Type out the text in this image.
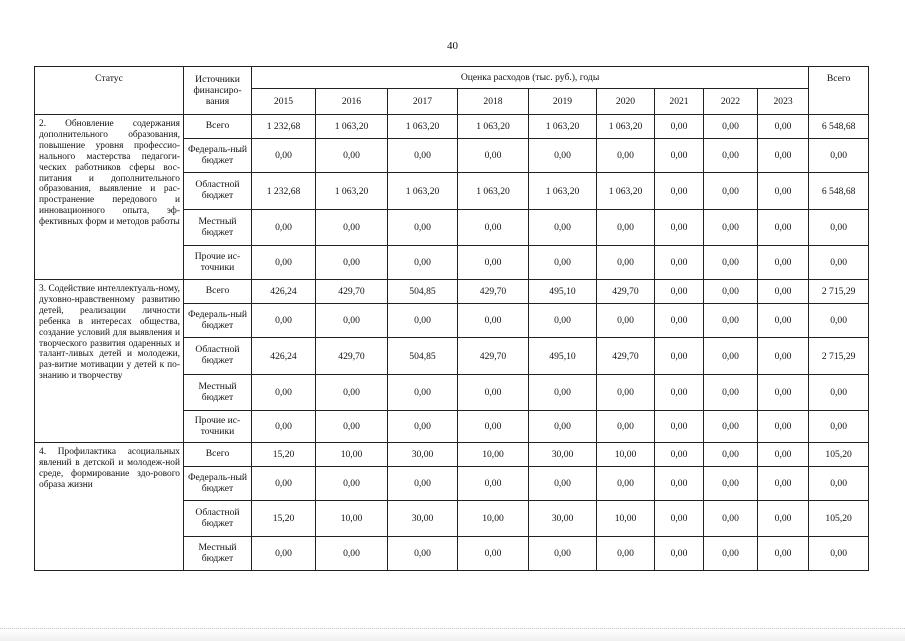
40
Статус	Источники финансиро-вания	Оценка расходов (тыс. руб.), годы									Всего
		2015	2016	2017	2018	2019	2020	2021	2022	2023	
2. Обновление содержания дополнительного образования, повышение уровня профессио-нального мастерства педагоги-ческих работников сферы вос-питания и дополнительного образования, выявление и рас-пространение передового и инновационного опыта, эф-фективных форм и методов работы	Всего	1 232,68	1 063,20	1 063,20	1 063,20	1 063,20	1 063,20	0,00	0,00	0,00	6 548,68
	Федераль-ный бюджет	0,00	0,00	0,00	0,00	0,00	0,00	0,00	0,00	0,00	0,00
	Областной бюджет	1 232,68	1 063,20	1 063,20	1 063,20	1 063,20	1 063,20	0,00	0,00	0,00	6 548,68
	Местный бюджет	0,00	0,00	0,00	0,00	0,00	0,00	0,00	0,00	0,00	0,00
	Прочие ис-точники	0,00	0,00	0,00	0,00	0,00	0,00	0,00	0,00	0,00	0,00
3. Содействие интеллектуаль-ному, духовно-нравственному развитию детей, реализации личности ребенка в интересах общества, создание условий для выявления и творческого развития одаренных и талант-ливых детей и молодежи, раз-витие мотивации у детей к по-знанию и творчеству	Всего	426,24	429,70	504,85	429,70	495,10	429,70	0,00	0,00	0,00	2 715,29
	Федераль-ный бюджет	0,00	0,00	0,00	0,00	0,00	0,00	0,00	0,00	0,00	0,00
	Областной бюджет	426,24	429,70	504,85	429,70	495,10	429,70	0,00	0,00	0,00	2 715,29
	Местный бюджет	0,00	0,00	0,00	0,00	0,00	0,00	0,00	0,00	0,00	0,00
	Прочие ис-точники	0,00	0,00	0,00	0,00	0,00	0,00	0,00	0,00	0,00	0,00
4. Профилактика асоциальных явлений в детской и молодеж-ной среде, формирование здо-рового образа жизни	Всего	15,20	10,00	30,00	10,00	30,00	10,00	0,00	0,00	0,00	105,20
	Федераль-ный бюджет	0,00	0,00	0,00	0,00	0,00	0,00	0,00	0,00	0,00	0,00
	Областной бюджет	15,20	10,00	30,00	10,00	30,00	10,00	0,00	0,00	0,00	105,20
	Местный бюджет	0,00	0,00	0,00	0,00	0,00	0,00	0,00	0,00	0,00	0,00
